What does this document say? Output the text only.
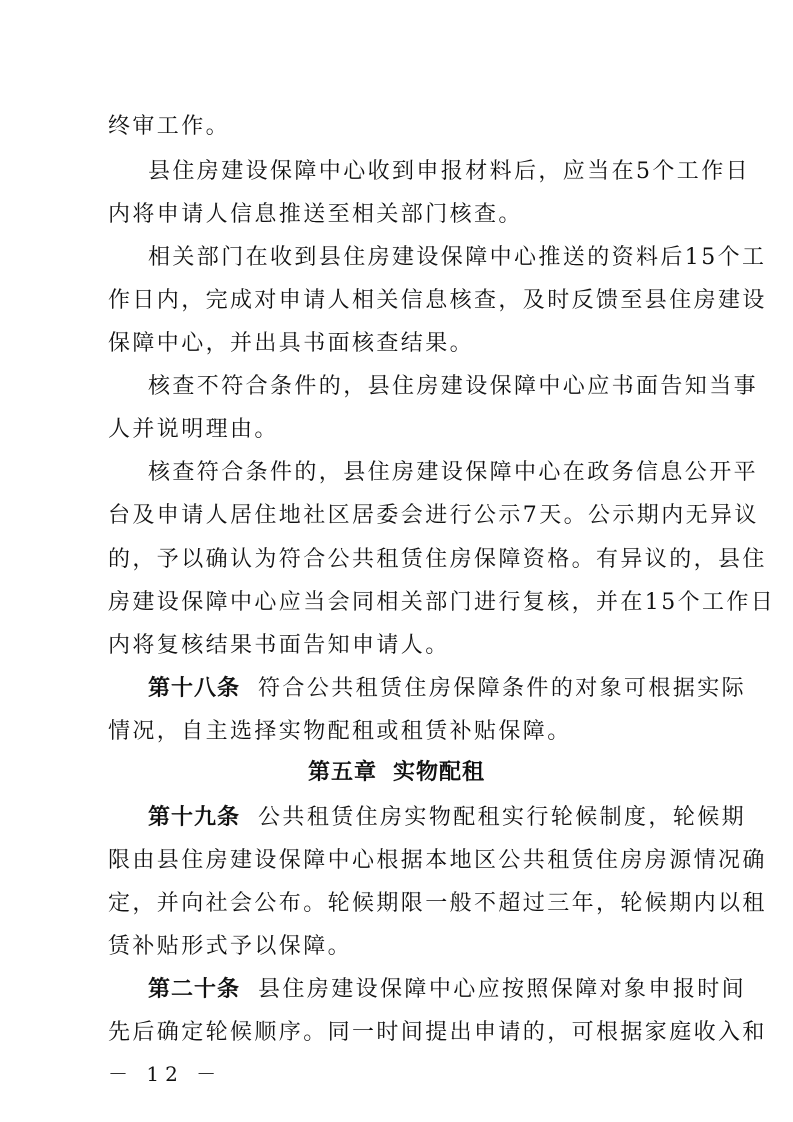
终审工作。
县住房建设保障中心收到申报材料后，应当在5个工作日
内将申请人信息推送至相关部门核查。
相关部门在收到县住房建设保障中心推送的资料后15个工
作日内，完成对申请人相关信息核查，及时反馈至县住房建设
保障中心，并出具书面核查结果。
核查不符合条件的，县住房建设保障中心应书面告知当事
人并说明理由。
核查符合条件的，县住房建设保障中心在政务信息公开平
台及申请人居住地社区居委会进行公示7天。公示期内无异议
的，予以确认为符合公共租赁住房保障资格。有异议的，县住
房建设保障中心应当会同相关部门进行复核，并在15个工作日
内将复核结果书面告知申请人。
第十八条 符合公共租赁住房保障条件的对象可根据实际
情况，自主选择实物配租或租赁补贴保障。
第五章 实物配租
第十九条 公共租赁住房实物配租实行轮候制度，轮候期
限由县住房建设保障中心根据本地区公共租赁住房房源情况确
定，并向社会公布。轮候期限一般不超过三年，轮候期内以租
赁补贴形式予以保障。
第二十条 县住房建设保障中心应按照保障对象申报时间
先后确定轮候顺序。同一时间提出申请的，可根据家庭收入和
－ 12 －
